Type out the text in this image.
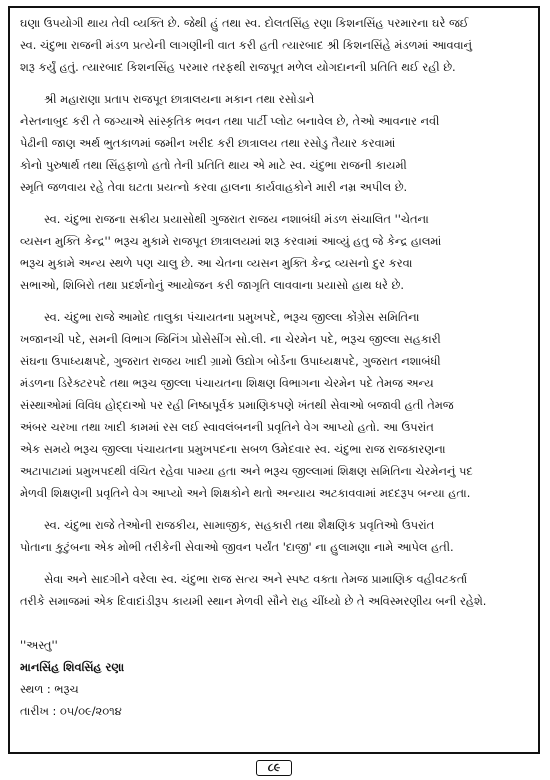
ઘણા ઉપયોગી થાય તેવી વ્યક્તિ છે. જેથી હું તથા સ્વ. દોલતસિંહ રણા કિશનસિંહ પરમારના ઘરે જઈ
સ્વ. ચંદુભા રાજની મંડળ પ્રત્યેની લાગણીની વાત કરી હતી ત્યારબાદ શ્રી કિશનસિંહે મંડળમાં આવવાનું
શરૂ કર્યું હતું. ત્યારબાદ કિશનસિંહ પરમાર તરફથી રાજપૂત મળેલ યોગદાનની પ્રતિતિ થઈ રહી છે.
શ્રી મહારાણા પ્રતાપ રાજપૂત છાત્રાલયના મકાન તથા રસોડાને
નેસ્તનાબુદ કરી તે જગ્યાએ સાંસ્કૃતિક ભવન તથા પાર્ટી પ્લોટ બનાવેલ છે, તેઓ આવનાર નવી
પેઢીની જાણ અર્થ ભુતકાળમાં જમીન ખરીદ કરી છાત્રાલય તથા રસોડુ તૈયાર કરવામાં
કોનો પુરુષાર્થ તથા સિંહફાળો હતો તેની પ્રતિતિ થાય એ માટે સ્વ. ચંદુભા રાજની કાયમી
સ્મૃતિ જળવાય રહે તેવા ઘટતા પ્રયત્નો કરવા હાલના કાર્યવાહકોને મારી નમ્ર અપીલ છે.
સ્વ. ચંદુભા રાજના સક્રીય પ્રયાસોથી ગુજરાત રાજય નશાબંધી મંડળ સંચાલિત ''ચેતના
વ્યસન મુક્તિ કેન્દ્ર'' ભરૂચ મુકામે રાજપૂત છાત્રાલયમાં શરૂ કરવામાં આવ્યું હતુ જે કેન્દ્ર હાલમાં
ભરૂચ મુકામે અન્ય સ્થળે પણ ચાલુ છે. આ ચેતના વ્યસન મુક્તિ કેન્દ્ર વ્યસનો દુર કરવા
સભાઓ, શિબિરો તથા પ્રદર્શનોનું આયોજન કરી જાગૃતિ લાવવાના પ્રયાસો હાથ ધરે છે.
સ્વ. ચંદુભા રાજે આમોદ તાલુકા પંચાયતના પ્રમુખપદે, ભરૂચ જીલ્લા કોંગ્રેસ સમિતિના
ખજાનચી પદે, સમની વિભાગ જિનિંગ પ્રોસેસીંગ સો.લી. ના ચેરમેન પદે, ભરૂચ જીલ્લા સહકારી
સંઘના ઉપાધ્યક્ષપદે, ગુજરાત રાજય ખાદી ગ્રામો ઉદ્યોગ બોર્ડના ઉપાધ્યક્ષપદે, ગુજરાત નશાબંધી
મંડળના ડિરેક્ટરપદે તથા ભરૂચ જીલ્લા પંચાયતના શિક્ષણ વિભાગના ચેરમેન પદે તેમજ અન્ય
સંસ્થાઓમાં વિવિધ હોદ્દાઓ પર રહી નિષ્ઠાપૂર્વક પ્રમાણિકપણે ખંતથી સેવાઓ બજાવી હતી તેમજ
અંબર ચરખા તથા ખાદી કામમાં રસ લઈ સ્વાવલંબનની પ્રવૃતિને વેગ આપ્યો હતો. આ ઉપરાંત
એક સમયે ભરૂચ જીલ્લા પંચાયતના પ્રમુખપદના સબળ ઉમેદવાર સ્વ. ચંદુભા રાજ રાજકારણના
અટાપાટામાં પ્રમુખપદથી વંચિત રહેવા પામ્યા હતા અને ભરૂચ જીલ્લામાં શિક્ષણ સમિતિના ચેરમેનનું પદ
મેળવી શિક્ષણની પ્રવૃતિને વેગ આપ્યો અને શિક્ષકોને થતો અન્યાય અટકાવવામાં મદદરૂપ બન્યા હતા.
સ્વ. ચંદુભા રાજે તેઓની રાજકીય, સામાજીક, સહકારી તથા શૈક્ષણિક પ્રવૃતિઓ ઉપરાંત
પોતાના કુટુંબના એક મોભી તરીકેની સેવાઓ જીવન પર્યંત 'દાજી' ના હુલામણા નામે આપેલ હતી.
સેવા અને સાદગીને વરેલા સ્વ. ચંદુભા રાજ સત્ય અને સ્પષ્ટ વક્તા તેમજ પ્રામાણિક વહીવટકર્તા
તરીકે સમાજમાં એક દિવાદાંડીરૂપ કાયમી સ્થાન મેળવી સૌને રાહ ચીંધ્યો છે તે અવિસ્મરણીય બની રહેશે.
''અસ્તુ''
માનસિંહ શિવસિંહ રણા
સ્થળ : ભરૂચ
તારીખ : ૦૫/૦૯/૨૦૧૪
૮૯
